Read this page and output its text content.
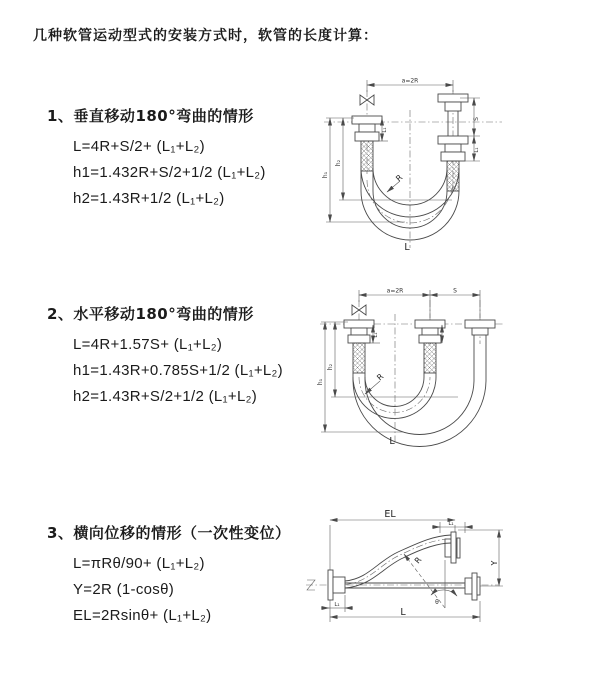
几种软管运动型式的安装方式时，软管的长度计算：
1、垂直移动180°弯曲的情形
L=4R+S/2+ (L₁+L₂)
h1=1.432R+S/2+1/2 (L₁+L₂)
h2=1.43R+1/2 (L₁+L₂)
2、水平移动180°弯曲的情形
L=4R+1.57S+ (L₁+L₂)
h1=1.43R+0.785S+1/2 (L₁+L₂)
h2=1.43R+S/2+1/2 (L₁+L₂)
3、横向位移的情形（一次性变位）
L=πRθ/90+ (L₁+L₂)
Y=2R (1-cosθ)
EL=2Rsinθ+ (L₁+L₂)
a=2R
h₁
h₂
L₁
S
L₁
R
L
a=2R	S
h₁
h₂
L₁
R
L
EL
L₁
Y
R
θ
L₁
L
